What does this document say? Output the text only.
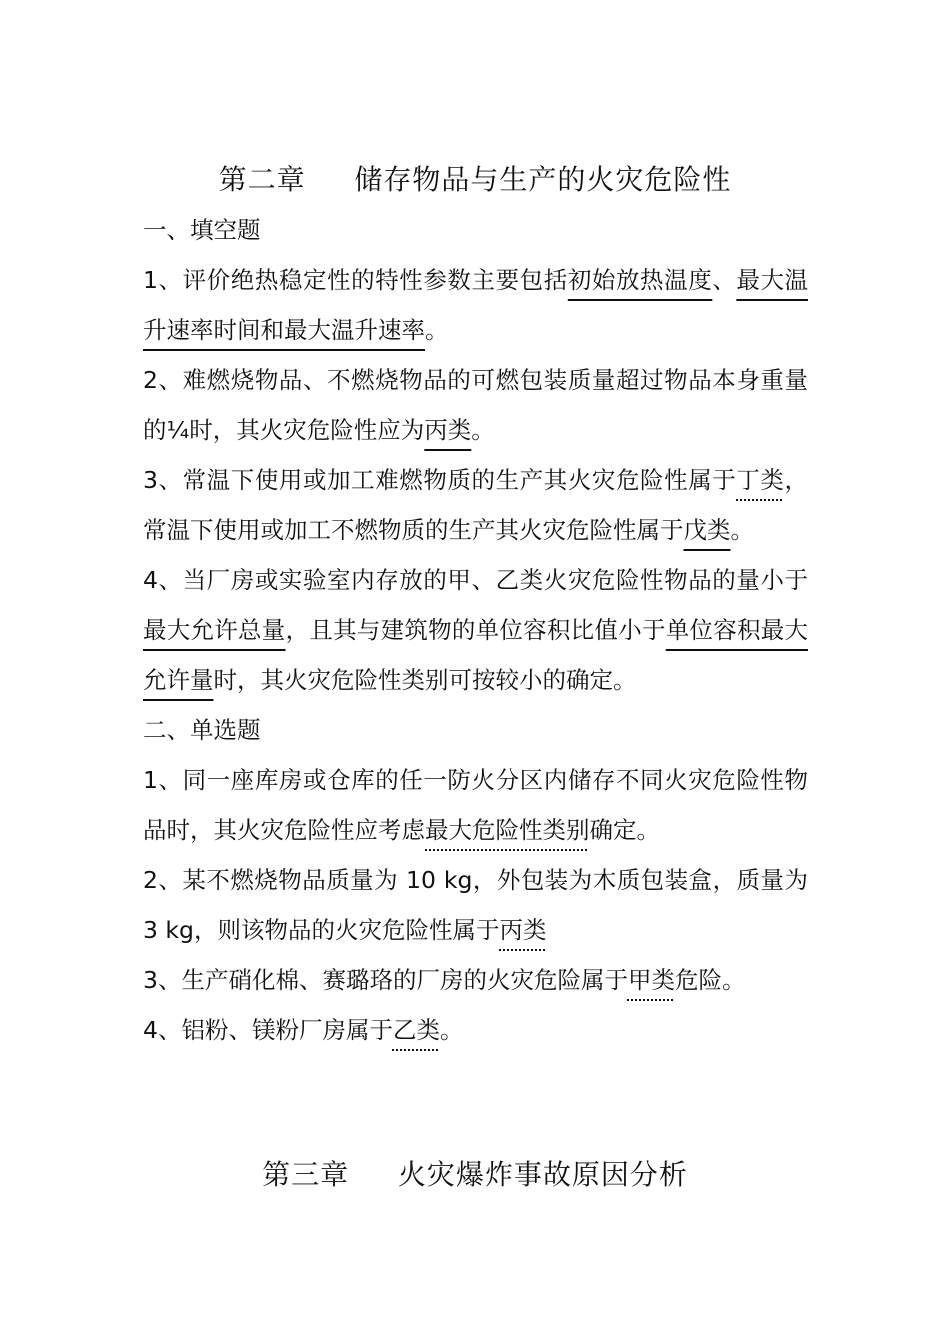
第二章　  储存物品与生产的火灾危险性

一、填空题

1、评价绝热稳定性的特性参数主要包括初始放热温度、最大温升速率时间和最大温升速率。

2、难燃烧物品、不燃烧物品的可燃包装质量超过物品本身重量的¼时，其火灾危险性应为丙类。

3、常温下使用或加工难燃物质的生产其火灾危险性属于丁类，常温下使用或加工不燃物质的生产其火灾危险性属于戊类。

4、当厂房或实验室内存放的甲、乙类火灾危险性物品的量小于最大允许总量，且其与建筑物的单位容积比值小于单位容积最大允许量时，其火灾危险性类别可按较小的确定。

二、单选题

1、同一座库房或仓库的任一防火分区内储存不同火灾危险性物品时，其火灾危险性应考虑最大危险性类别确定。

2、某不燃烧物品质量为 10 kg，外包装为木质包装盒，质量为 3 kg，则该物品的火灾危险性属于丙类

3、生产硝化棉、赛璐珞的厂房的火灾危险属于甲类危险。

4、铝粉、镁粉厂房属于乙类。

第三章　  火灾爆炸事故原因分析
